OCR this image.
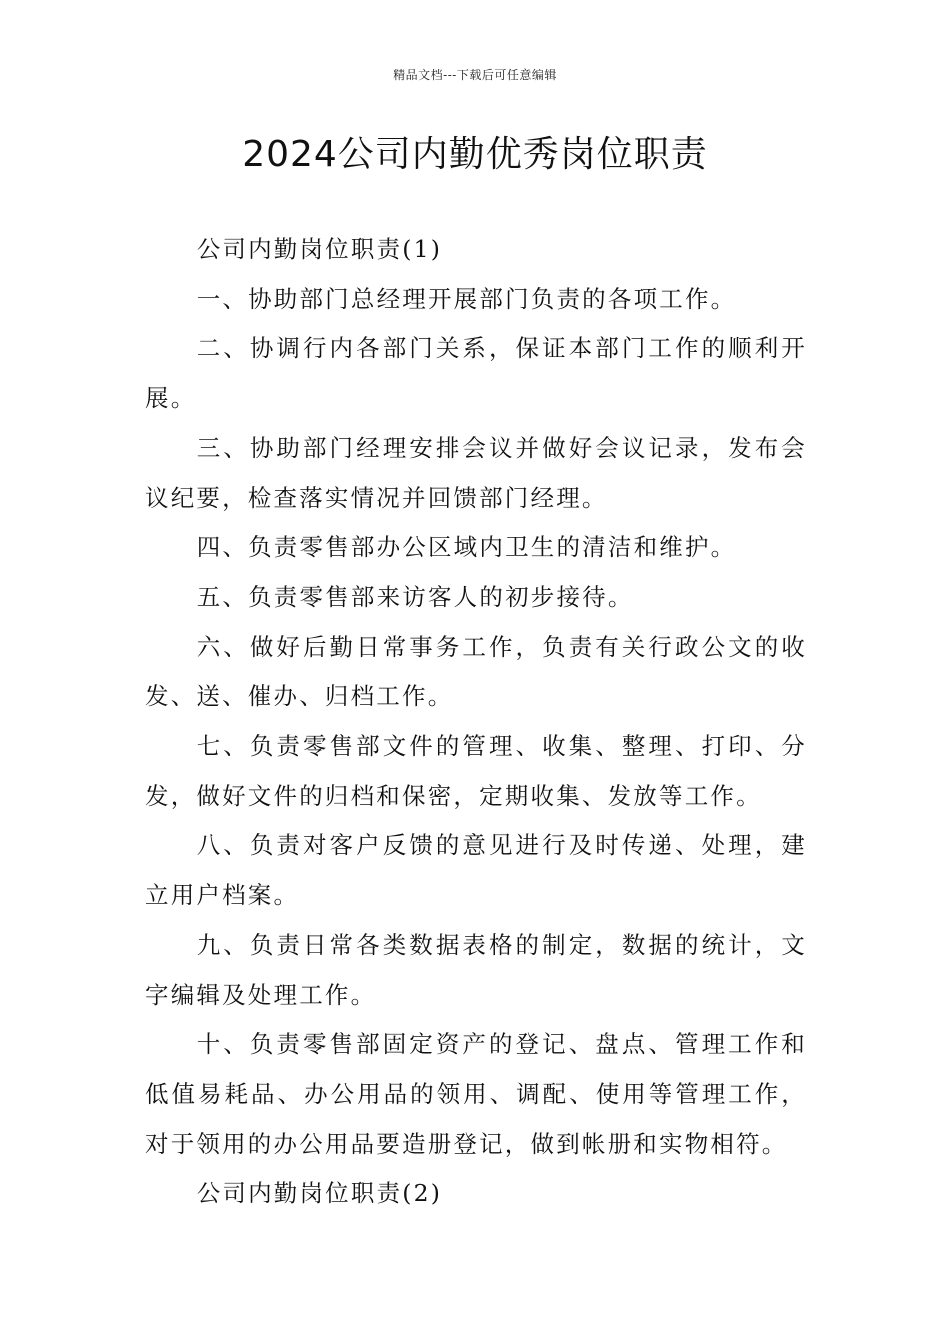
精品文档---下载后可任意编辑
2024公司内勤优秀岗位职责

公司内勤岗位职责(1)

一、协助部门总经理开展部门负责的各项工作。

二、协调行内各部门关系，保证本部门工作的顺利开展。

三、协助部门经理安排会议并做好会议记录，发布会议纪要，检查落实情况并回馈部门经理。

四、负责零售部办公区域内卫生的清洁和维护。

五、负责零售部来访客人的初步接待。

六、做好后勤日常事务工作，负责有关行政公文的收发、送、催办、归档工作。

七、负责零售部文件的管理、收集、整理、打印、分发，做好文件的归档和保密，定期收集、发放等工作。

八、负责对客户反馈的意见进行及时传递、处理，建立用户档案。

九、负责日常各类数据表格的制定，数据的统计，文字编辑及处理工作。

十、负责零售部固定资产的登记、盘点、管理工作和低值易耗品、办公用品的领用、调配、使用等管理工作，对于领用的办公用品要造册登记，做到帐册和实物相符。

公司内勤岗位职责(2)
